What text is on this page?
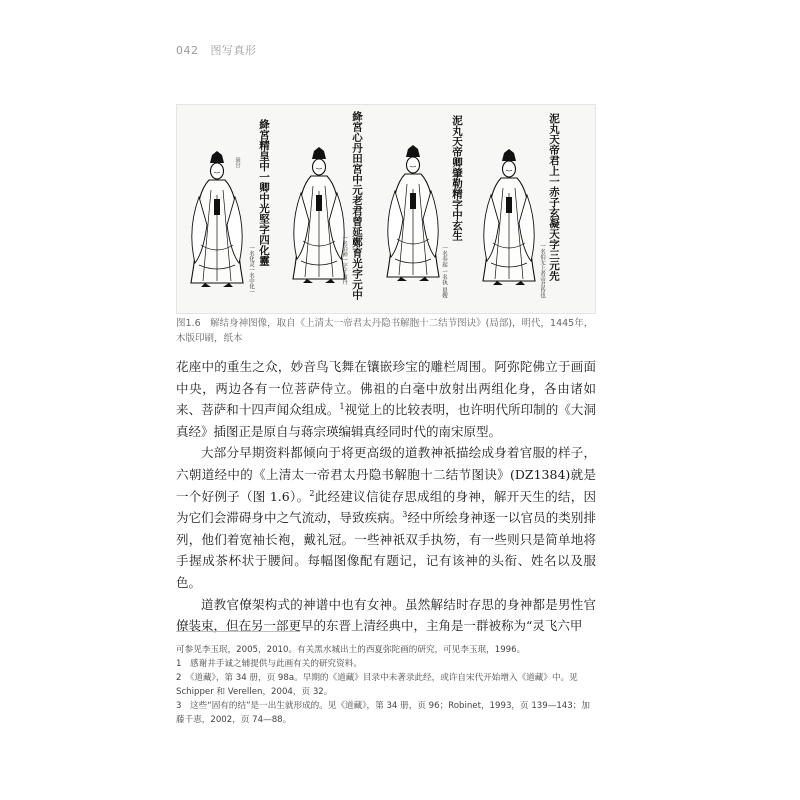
042 图写真形
泥丸天帝君上一赤子玄凝天字三元先
一名伯无上者帝君皆也
泥丸天帝卿肇勒精字中玄生
一名奉起 一名执 晨嫂
絳宮心丹田宮中元老君曾延鄭育光字元中
一名伯神一字子南丹
絳宮精皇中一卿中光堅字四化靈
一名化灵一名中化一
彔廿
图1.6　解结身神图像，取自《上清太一帝君太丹隐书解胞十二结节图诀》(局部)，明代，1445年，木版印刷，纸本

花座中的重生之众，妙音鸟飞舞在镶嵌珍宝的雕栏周围。阿弥陀佛立于画面中央，两边各有一位菩萨侍立。佛祖的白毫中放射出两组化身，各由诸如来、菩萨和十四声闻众组成。$^1$视觉上的比较表明，也许明代所印制的《大洞真经》插图正是原自与蒋宗瑛编辑真经同时代的南宋原型。

大部分早期资料都倾向于将更高级的道教神祇描绘成身着官服的样子，六朝道经中的《上清太一帝君太丹隐书解胞十二结节图诀》(DZ1384)就是一个好例子（图 1.6）。$^2$此经建议信徒存思成组的身神，解开天生的结，因为它们会滞碍身中之气流动，导致疾病。$^3$经中所绘身神逐一以官员的类别排列，他们着宽袖长袍，戴礼冠。一些神祇双手执笏，有一些则只是简单地将手握成茶杯状于腰间。每幅图像配有题记，记有该神的头衔、姓名以及服色。

道教官僚架构式的神谱中也有女神。虽然解结时存思的身神都是男性官僚装束，但在另一部更早的东晋上清经典中，主角是一群被称为“灵飞六甲

可参见李玉珉，2005，2010。有关黑水城出土的西夏弥陀画的研究，可见李玉珉，1996。
1　感谢井手诚之辅提供与此画有关的研究资料。
2　《道藏》，第 34 册，页 98a。早期的《道藏》目录中未著录此经，或许自宋代开始增入《道藏》中。见 Schipper 和 Verellen，2004，页 32。
3　这些“固有的结”是一出生就形成的。见《道藏》，第 34 册，页 96；Robinet，1993，页 139—143；加藤千恵，2002，页 74—88。
